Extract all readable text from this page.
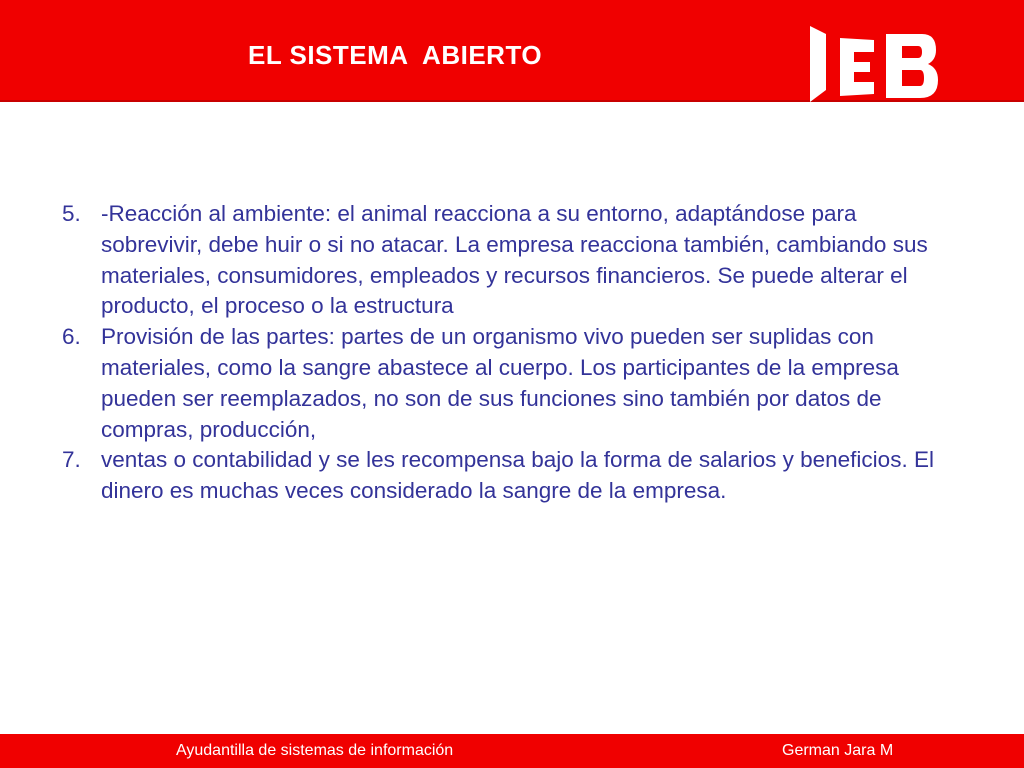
EL SISTEMA  ABIERTO
5. -Reacción al ambiente: el animal reacciona a su entorno, adaptándose para sobrevivir, debe huir o si no atacar. La empresa reacciona también, cambiando sus materiales, consumidores, empleados y recursos financieros. Se puede alterar el producto, el proceso o la estructura
6. Provisión de las partes: partes de un organismo vivo pueden ser suplidas con materiales, como la sangre abastece al cuerpo. Los participantes de la empresa pueden ser reemplazados, no son de sus funciones sino también por datos de compras, producción,
7. ventas o contabilidad y se les recompensa bajo la forma de salarios y beneficios. El dinero es muchas veces considerado la sangre de la empresa.
Ayudantilla de sistemas de información	German Jara M
